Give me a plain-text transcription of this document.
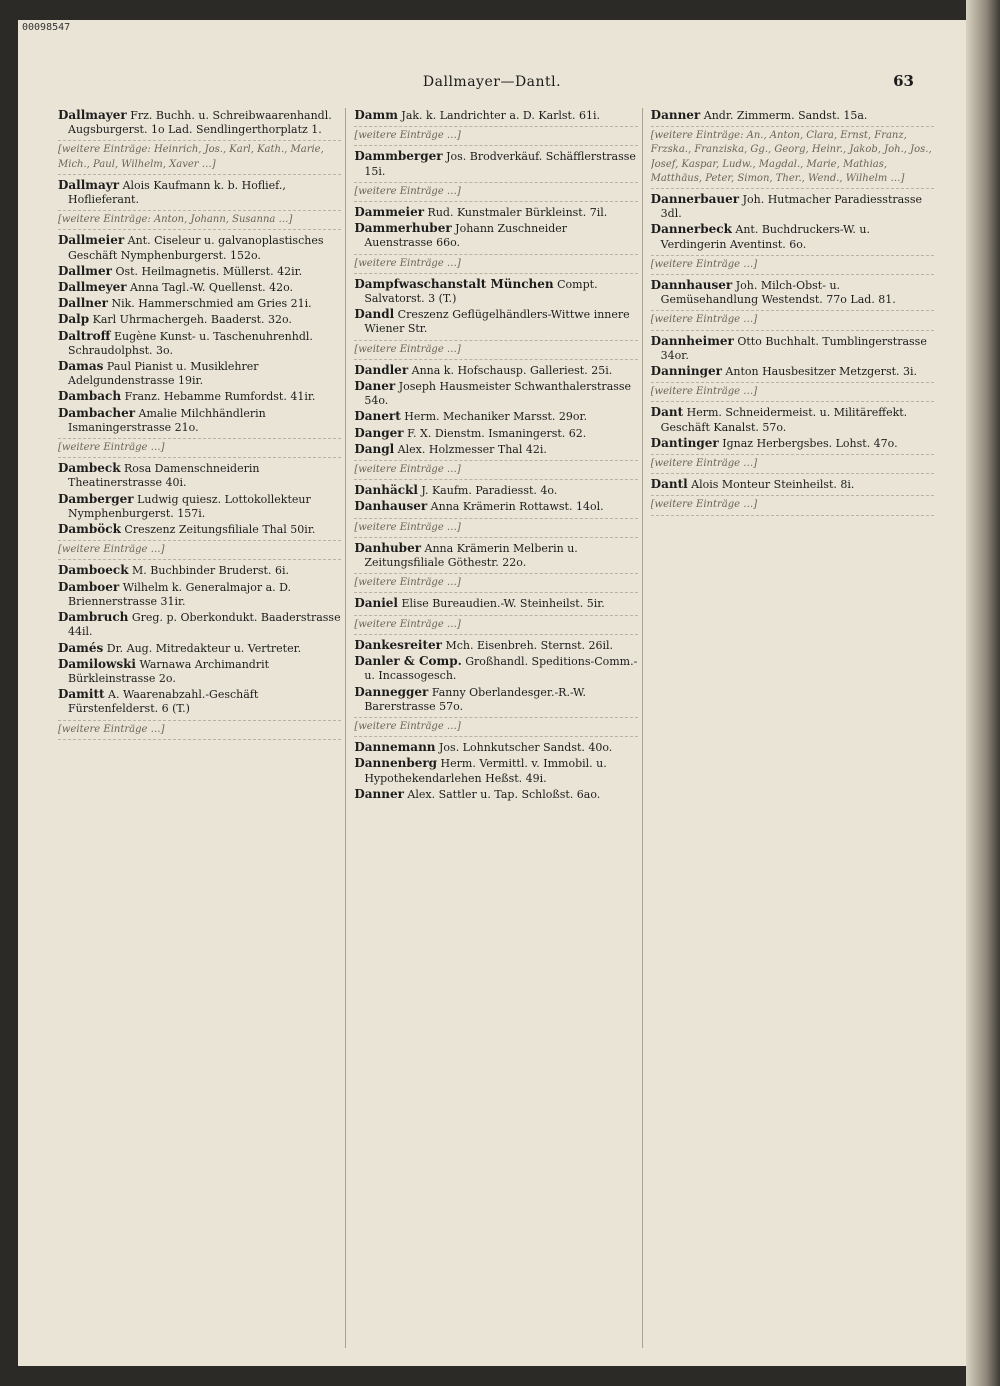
00098547
Dallmayer—Dantl.	63
Dallmayer Frz. Buchh. u. Schreibwaarenhandl. Augsburgerst. 1o Lad. Sendlingerthorplatz 1.
[weitere Einträge: Heinrich, Jos., Karl, Kath., Marie, Mich., Paul, Wilhelm, Xaver …]
Dallmayr Alois Kaufmann k. b. Hoflief., Hoflieferant.
[weitere Einträge: Anton, Johann, Susanna …]
Dallmeier Ant. Ciseleur u. galvanoplastisches Geschäft Nymphenburgerst. 152o.
Dallmer Ost. Heilmagnetis. Müllerst. 42ir.
Dallmeyer Anna Tagl.-W. Quellenst. 42o.
Dallner Nik. Hammerschmied am Gries 21i.
Dalp Karl Uhrmachergeh. Baaderst. 32o.
Daltroff Eugène Kunst- u. Taschenuhrenhdl. Schraudolphst. 3o.
Damas Paul Pianist u. Musiklehrer Adelgundenstrasse 19ir.
Dambach Franz. Hebamme Rumfordst. 41ir.
Dambacher Amalie Milchhändlerin Ismaningerstrasse 21o.
[weitere Einträge …]
Dambeck Rosa Damenschneiderin Theatinerstrasse 40i.
Damberger Ludwig quiesz. Lottokollekteur Nymphenburgerst. 157i.
Damböck Creszenz Zeitungsfiliale Thal 50ir.
[weitere Einträge …]
Damboeck M. Buchbinder Bruderst. 6i.
Damboer Wilhelm k. Generalmajor a. D. Briennerstrasse 31ir.
Dambruch Greg. p. Oberkondukt. Baaderstrasse 44il.
Damés Dr. Aug. Mitredakteur u. Vertreter.
Damilowski Warnawa Archimandrit Bürkleinstrasse 2o.
Damitt A. Waarenabzahl.-Geschäft Fürstenfelderst. 6 (T.)
[weitere Einträge …]
Damm Jak. k. Landrichter a. D. Karlst. 61i.
[weitere Einträge …]
Dammberger Jos. Brodverkäuf. Schäfflerstrasse 15i.
[weitere Einträge …]
Dammeier Rud. Kunstmaler Bürkleinst. 7il.
Dammerhuber Johann Zuschneider Auenstrasse 66o.
[weitere Einträge …]
Dampfwaschanstalt München Compt. Salvatorst. 3 (T.)
Dandl Creszenz Geflügelhändlers-Wittwe innere Wiener Str.
[weitere Einträge …]
Dandler Anna k. Hofschausp. Galleriest. 25i.
Daner Joseph Hausmeister Schwanthalerstrasse 54o.
Danert Herm. Mechaniker Marsst. 29or.
Danger F. X. Dienstm. Ismaningerst. 62.
Dangl Alex. Holzmesser Thal 42i.
[weitere Einträge …]
Danhäckl J. Kaufm. Paradiesst. 4o.
Danhauser Anna Krämerin Rottawst. 14ol.
[weitere Einträge …]
Danhuber Anna Krämerin Melberin u. Zeitungsfiliale Göthestr. 22o.
[weitere Einträge …]
Daniel Elise Bureaudien.-W. Steinheilst. 5ir.
[weitere Einträge …]
Dankesreiter Mch. Eisenbreh. Sternst. 26il.
Danler & Comp. Großhandl. Speditions-Comm.- u. Incassogesch.
Dannegger Fanny Oberlandesger.-R.-W. Barerstrasse 57o.
[weitere Einträge …]
Dannemann Jos. Lohnkutscher Sandst. 40o.
Dannenberg Herm. Vermittl. v. Immobil. u. Hypothekendarlehen Heßst. 49i.
Danner Alex. Sattler u. Tap. Schloßst. 6ao.
Danner Andr. Zimmerm. Sandst. 15a.
[weitere Einträge: An., Anton, Clara, Ernst, Franz, Frzska., Franziska, Gg., Georg, Heinr., Jakob, Joh., Jos., Josef, Kaspar, Ludw., Magdal., Marie, Mathias, Matthäus, Peter, Simon, Ther., Wend., Wilhelm …]
Dannerbauer Joh. Hutmacher Paradiesstrasse 3dl.
Dannerbeck Ant. Buchdruckers-W. u. Verdingerin Aventinst. 6o.
[weitere Einträge …]
Dannhauser Joh. Milch-Obst- u. Gemüsehandlung Westendst. 77o Lad. 81.
[weitere Einträge …]
Dannheimer Otto Buchhalt. Tumblingerstrasse 34or.
Danninger Anton Hausbesitzer Metzgerst. 3i.
[weitere Einträge …]
Dant Herm. Schneidermeist. u. Militäreffekt. Geschäft Kanalst. 57o.
Dantinger Ignaz Herbergsbes. Lohst. 47o.
[weitere Einträge …]
Dantl Alois Monteur Steinheilst. 8i.
[weitere Einträge …]
